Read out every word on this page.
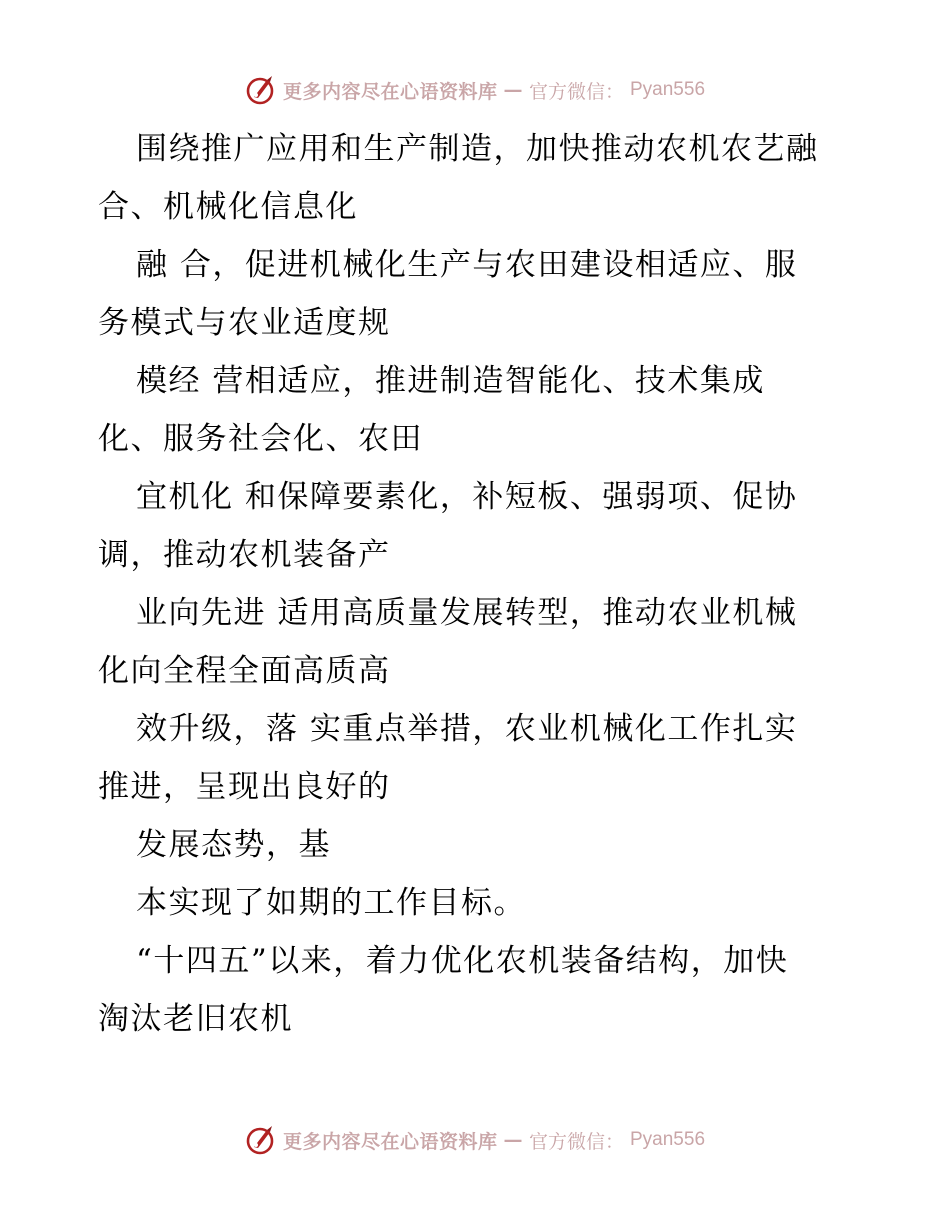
更多内容尽在心语资料库 — 官方微信： Pyan556
围绕推广应用和生产制造，加快推动农机农艺融
合、机械化信息化
融 合，促进机械化生产与农田建设相适应、服
务模式与农业适度规
模经 营相适应，推进制造智能化、技术集成
化、服务社会化、农田
宜机化 和保障要素化，补短板、强弱项、促协
调，推动农机装备产
业向先进 适用高质量发展转型，推动农业机械
化向全程全面高质高
效升级，落 实重点举措，农业机械化工作扎实
推进，呈现出良好的
发展态势，基
本实现了如期的工作目标。
“十四五”以来，着力优化农机装备结构，加快
淘汰老旧农机
更多内容尽在心语资料库 — 官方微信： Pyan556
